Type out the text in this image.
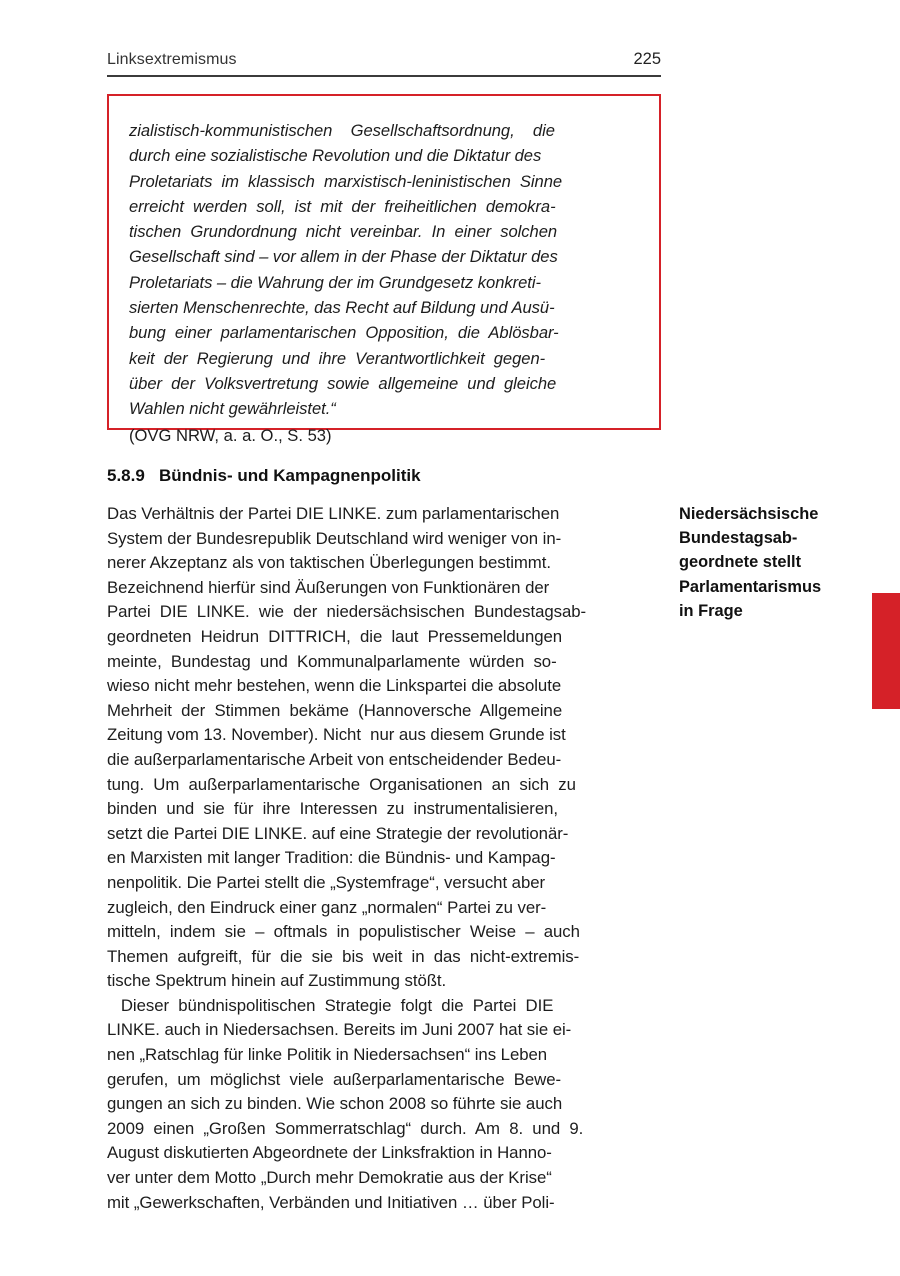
Linksextremismus	225
zialistisch-kommunistischen    Gesellschaftsordnung,    die
durch eine sozialistische Revolution und die Diktatur des
Proletariats  im  klassisch  marxistisch-leninistischen  Sinne
erreicht  werden  soll,  ist  mit  der  freiheitlichen  demokra-
tischen  Grundordnung  nicht  vereinbar.  In  einer  solchen
Gesellschaft sind – vor allem in der Phase der Diktatur des
Proletariats – die Wahrung der im Grundgesetz konkreti-
sierten Menschenrechte, das Recht auf Bildung und Ausü-
bung  einer  parlamentarischen  Opposition,  die  Ablösbar-
keit  der  Regierung  und  ihre  Verantwortlichkeit  gegen-
über  der  Volksvertretung  sowie  allgemeine  und  gleiche
Wahlen nicht gewährleistet.“
(OVG NRW, a. a. O., S. 53)
5.8.9   Bündnis- und Kampagnenpolitik
Das Verhältnis der Partei DIE LINKE. zum parlamentarischen
System der Bundesrepublik Deutschland wird weniger von in-
nerer Akzeptanz als von taktischen Überlegungen bestimmt.
Bezeichnend hierfür sind Äußerungen von Funktionären der
Partei  DIE  LINKE.  wie  der  niedersächsischen  Bundestagsab-
geordneten  Heidrun  DITTRICH,  die  laut  Pressemeldungen
meinte,  Bundestag  und  Kommunalparlamente  würden  so-
wieso nicht mehr bestehen, wenn die Linkspartei die absolute
Mehrheit  der  Stimmen  bekäme  (Hannoversche  Allgemeine
Zeitung vom 13. November). Nicht  nur aus diesem Grunde ist
die außerparlamentarische Arbeit von entscheidender Bedeu-
tung.  Um  außerparlamentarische  Organisationen  an  sich  zu
binden  und  sie  für  ihre  Interessen  zu  instrumentalisieren,
setzt die Partei DIE LINKE. auf eine Strategie der revolutionär-
en Marxisten mit langer Tradition: die Bündnis- und Kampag-
nenpolitik. Die Partei stellt die „Systemfrage“, versucht aber
zugleich, den Eindruck einer ganz „normalen“ Partei zu ver-
mitteln,  indem  sie  –  oftmals  in  populistischer  Weise  –  auch
Themen  aufgreift,  für  die  sie  bis  weit  in  das  nicht-extremis-
tische Spektrum hinein auf Zustimmung stößt.
Dieser  bündnispolitischen  Strategie  folgt  die  Partei  DIE
LINKE. auch in Niedersachsen. Bereits im Juni 2007 hat sie ei-
nen „Ratschlag für linke Politik in Niedersachsen“ ins Leben
gerufen,  um  möglichst  viele  außerparlamentarische  Bewe-
gungen an sich zu binden. Wie schon 2008 so führte sie auch
2009  einen  „Großen  Sommerratschlag“  durch.  Am  8.  und  9.
August diskutierten Abgeordnete der Linksfraktion in Hanno-
ver unter dem Motto „Durch mehr Demokratie aus der Krise“
mit „Gewerkschaften, Verbänden und Initiativen … über Poli-
Niedersächsische
Bundestagsab-
geordnete stellt
Parlamentarismus
in Frage
